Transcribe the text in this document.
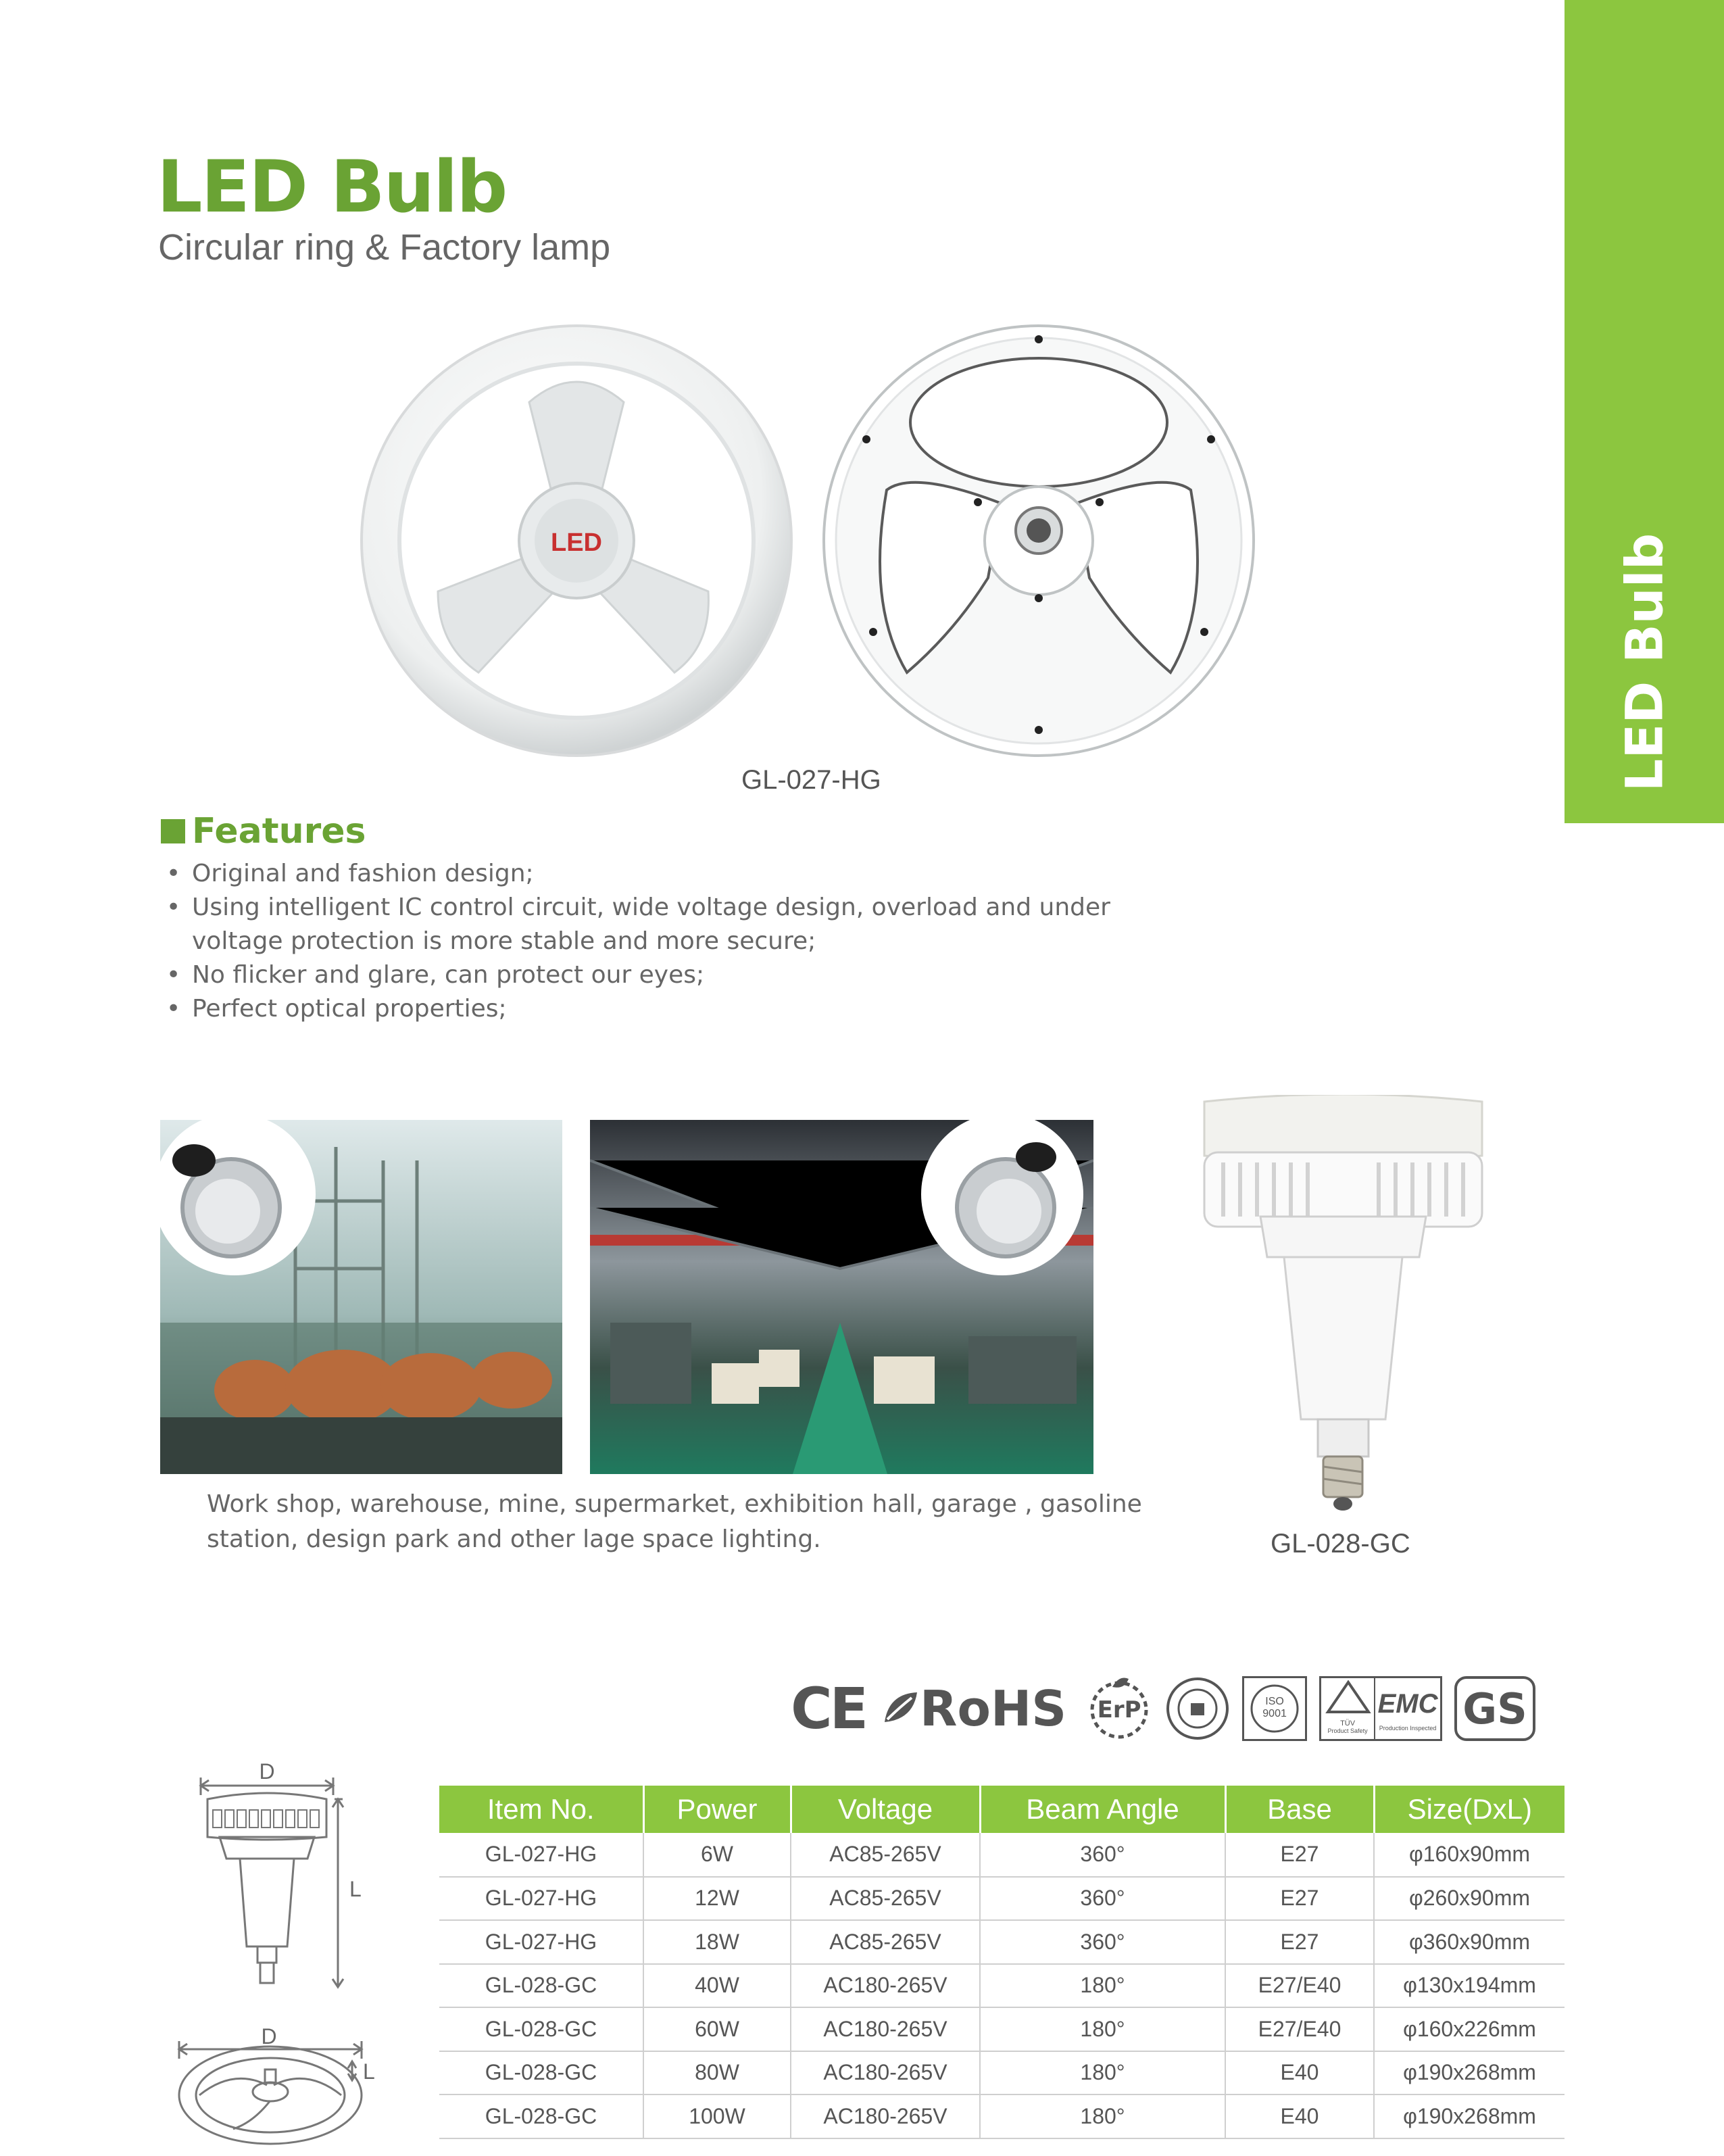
LED Bulb
LED Bulb
Circular ring & Factory lamp
LED
GL-027-HG
Features
• Original and fashion design;
• Using intelligent IC control circuit, wide voltage design, overload and under voltage protection is more stable and more secure;
• No flicker and glare, can protect our eyes;
• Perfect optical properties;
Work shop, warehouse, mine, supermarket, exhibition hall, garage , gasoline station, design park and other lage space lighting.	GL-028-GC
CE RoHS	ErP	ISO
9001
TÜV
Product Safety
EMC
Production Inspected GS
D
L
D
L
Item No.	Power	Voltage	Beam Angle	Base	Size(DxL)
GL-027-HG	6W	AC85-265V	360°	E27	φ160x90mm
GL-027-HG	12W	AC85-265V	360°	E27	φ260x90mm
GL-027-HG	18W	AC85-265V	360°	E27	φ360x90mm
GL-028-GC	40W	AC180-265V	180°	E27/E40	φ130x194mm
GL-028-GC	60W	AC180-265V	180°	E27/E40	φ160x226mm
GL-028-GC	80W	AC180-265V	180°	E40	φ190x268mm
GL-028-GC	100W	AC180-265V	180°	E40	φ190x268mm
